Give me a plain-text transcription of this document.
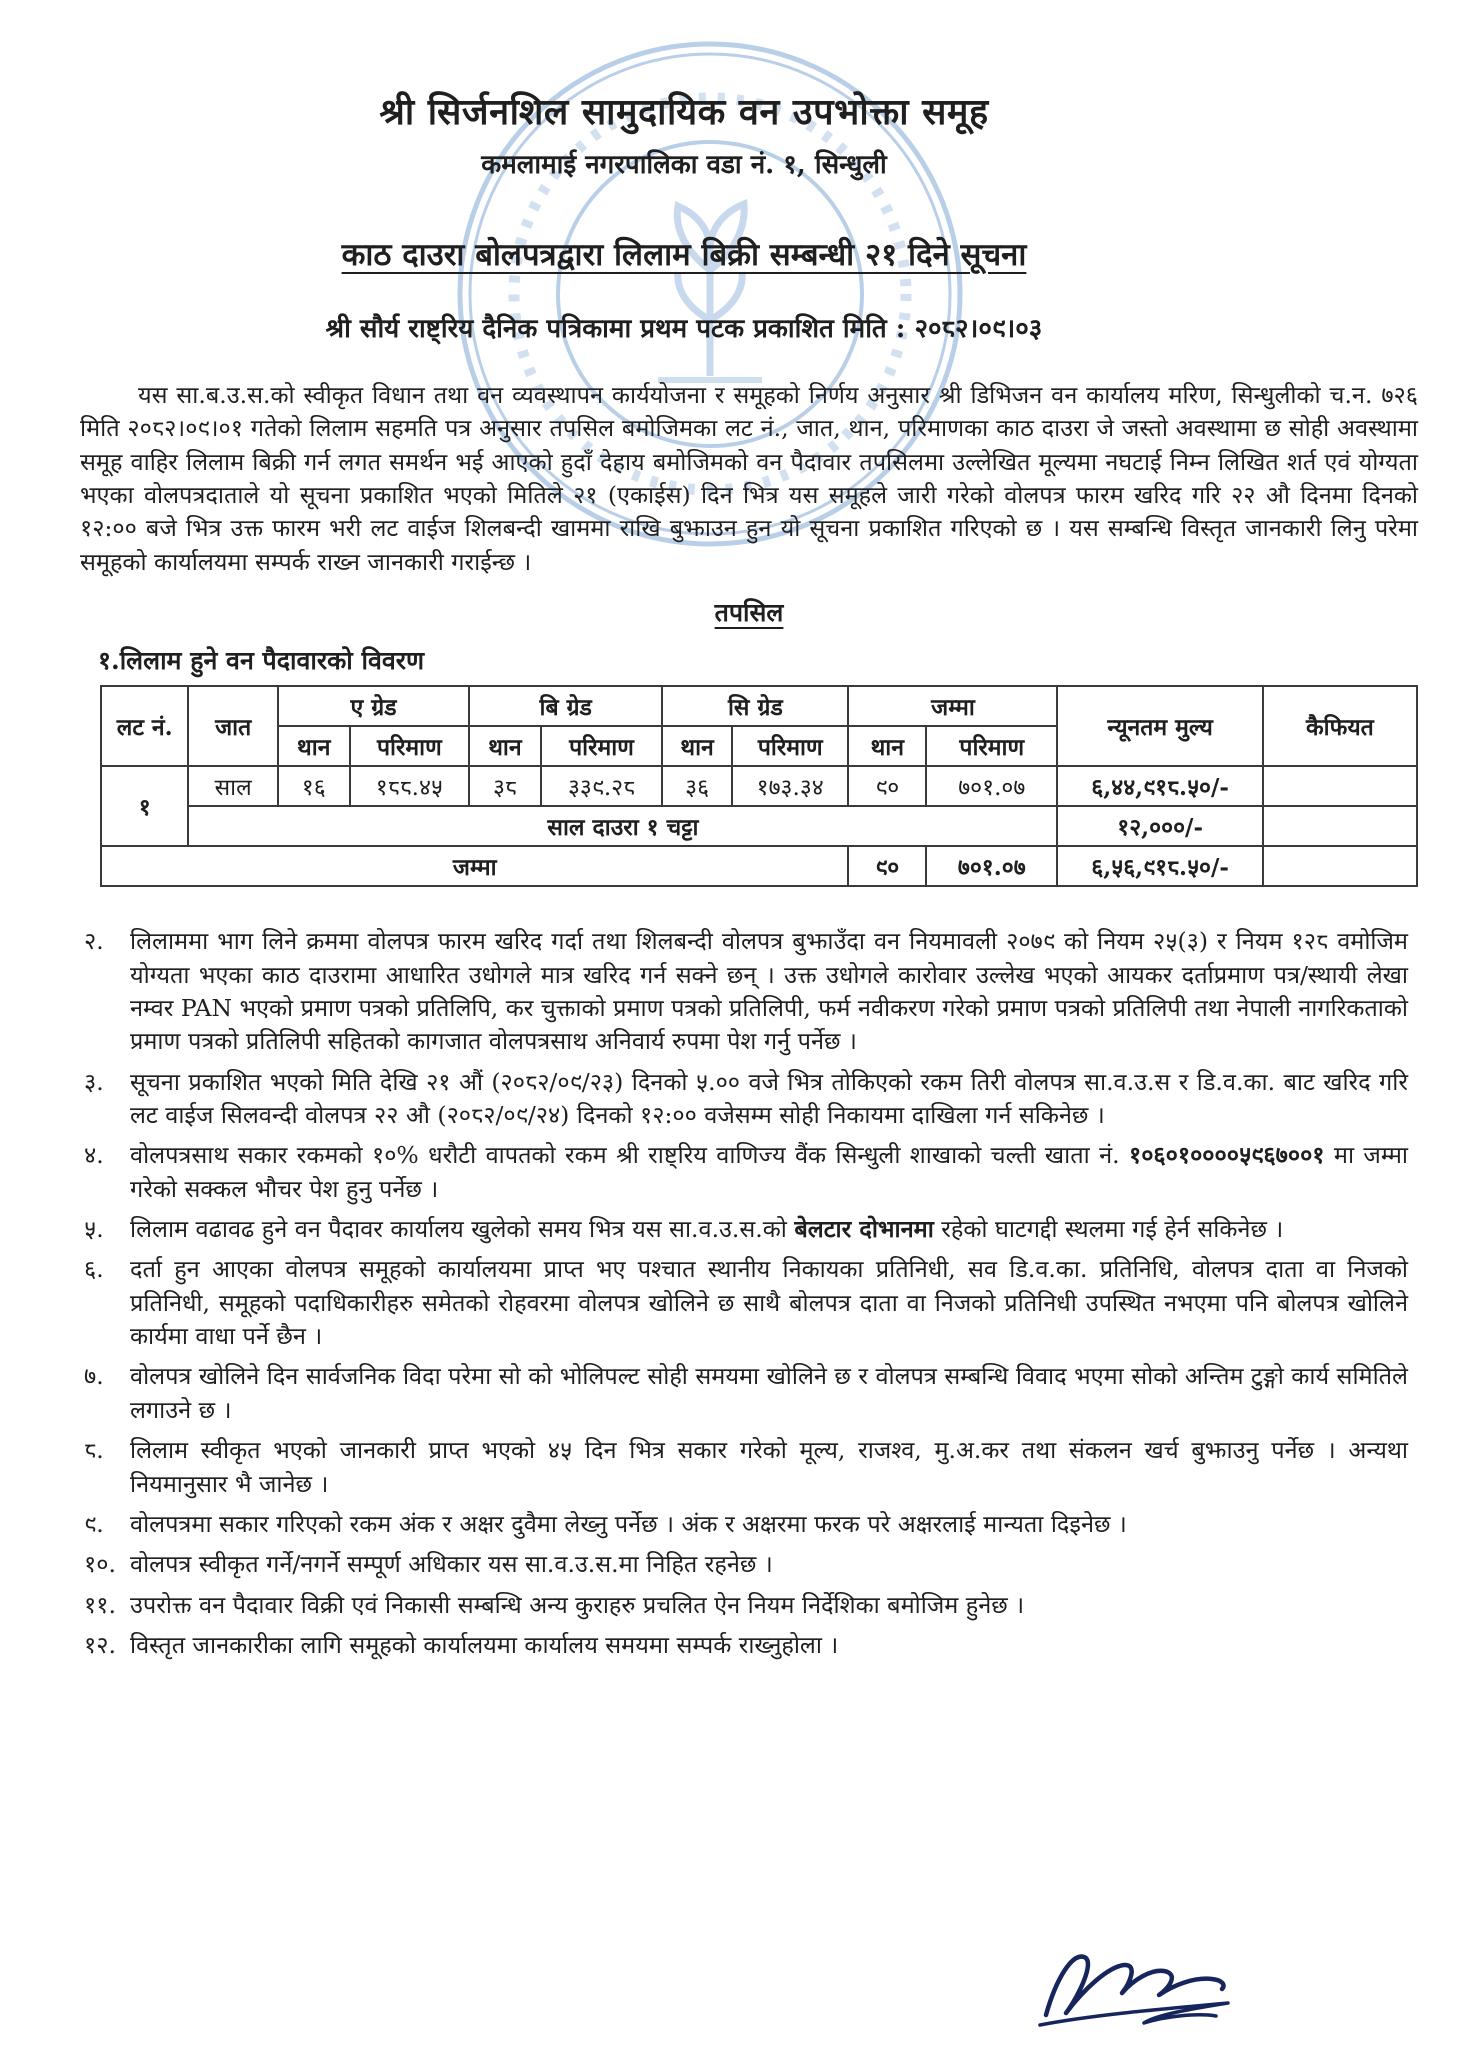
श्री सिर्जनशिल सामुदायिक वन उपभोक्ता समूह
कमलामाई नगरपालिका वडा नं. १, सिन्धुली
काठ दाउरा बोलपत्रद्वारा लिलाम बिक्री सम्बन्धी २१ दिने सूचना
श्री सौर्य राष्ट्रिय दैनिक पत्रिकामा प्रथम पटक प्रकाशित मिति : २०८२।०९।०३

यस सा.ब.उ.स.को स्वीकृत विधान तथा वन व्यवस्थापन कार्ययोजना र समूहको निर्णय अनुसार श्री डिभिजन वन कार्यालय मरिण, सिन्धुलीको च.न. ७२६ मिति २०८२।०९।०१ गतेको लिलाम सहमति पत्र अनुसार तपसिल बमोजिमका लट नं., जात, थान, परिमाणका काठ दाउरा जे जस्तो अवस्थामा छ सोही अवस्थामा समूह वाहिर लिलाम बिक्री गर्न लगत समर्थन भई आएको हुदाँ देहाय बमोजिमको वन पैदावार तपसिलमा उल्लेखित मूल्यमा नघटाई निम्न लिखित शर्त एवं योग्यता भएका वोलपत्रदाताले यो सूचना प्रकाशित भएको मितिले २१ (एकाईस) दिन भित्र यस समूहले जारी गरेको वोलपत्र फारम खरिद गरि २२ औ दिनमा दिनको १२:०० बजे भित्र उक्त फारम भरी लट वाईज शिलबन्दी खाममा राखि बुझाउन हुन यो सूचना प्रकाशित गरिएको छ । यस सम्बन्धि विस्तृत जानकारी लिनु परेमा समूहको कार्यालयमा सम्पर्क राख्न जानकारी गराईन्छ ।

तपसिल
१.लिलाम हुने वन पैदावारको विवरण
लट नं.	जात	ए ग्रेड		बि ग्रेड		सि ग्रेड		जम्मा		न्यूनतम मुल्य	कैफियत
		थान	परिमाण	थान	परिमाण	थान	परिमाण	थान	परिमाण		
१	साल	१६	१८८.४५	३८	३३९.२८	३६	१७३.३४	९०	७०१.०७	६,४४,९१८.५०/-	
	साल दाउरा १ चट्टा									१२,०००/-	
जम्मा								९०	७०१.०७	६,५६,९१८.५०/-	
२.	लिलाममा भाग लिने क्रममा वोलपत्र फारम खरिद गर्दा तथा शिलबन्दी वोलपत्र बुझाउँदा वन नियमावली २०७९ को नियम २५(३) र नियम १२८ वमोजिम योग्यता भएका काठ दाउरामा आधारित उधोगले मात्र खरिद गर्न सक्ने छन् । उक्त उधोगले कारोवार उल्लेख भएको आयकर दर्ताप्रमाण पत्र/स्थायी लेखा नम्वर PAN भएको प्रमाण पत्रको प्रतिलिपि, कर चुक्ताको प्रमाण पत्रको प्रतिलिपी, फर्म नवीकरण गरेको प्रमाण पत्रको प्रतिलिपी तथा नेपाली नागरिकताको प्रमाण पत्रको प्रतिलिपी सहितको कागजात वोलपत्रसाथ अनिवार्य रुपमा पेश गर्नु पर्नेछ ।
३.	सूचना प्रकाशित भएको मिति देखि २१ औं (२०८२/०९/२३) दिनको ५.०० वजे भित्र तोकिएको रकम तिरी वोलपत्र सा.व.उ.स र डि.व.का. बाट खरिद गरि लट वाईज सिलवन्दी वोलपत्र २२ औ (२०८२/०९/२४) दिनको १२:०० वजेसम्म सोही निकायमा दाखिला गर्न सकिनेछ ।
४.	वोलपत्रसाथ सकार रकमको १०% धरौटी वापतको रकम श्री राष्ट्रिय वाणिज्य वैंक सिन्धुली शाखाको चल्ती खाता नं. १०६०१००००५९६७००१ मा जम्मा गरेको सक्कल भौचर पेश हुनु पर्नेछ ।
५.	लिलाम वढावढ हुने वन पैदावर कार्यालय खुलेको समय भित्र यस सा.व.उ.स.को बेलटार दोभानमा रहेको घाटगद्दी स्थलमा गई हेर्न सकिनेछ ।
६.	दर्ता हुन आएका वोलपत्र समूहको कार्यालयमा प्राप्त भए पश्चात स्थानीय निकायका प्रतिनिधी, सव डि.व.का. प्रतिनिधि, वोलपत्र दाता वा निजको प्रतिनिधी, समूहको पदाधिकारीहरु समेतको रोहवरमा वोलपत्र खोलिने छ साथै बोलपत्र दाता वा निजको प्रतिनिधी उपस्थित नभएमा पनि बोलपत्र खोलिने कार्यमा वाधा पर्ने छैन ।
७.	वोलपत्र खोलिने दिन सार्वजनिक विदा परेमा सो को भोलिपल्ट सोही समयमा खोलिने छ र वोलपत्र सम्बन्धि विवाद भएमा सोको अन्तिम टुङ्गो कार्य समितिले लगाउने छ ।
८.	लिलाम स्वीकृत भएको जानकारी प्राप्त भएको ४५ दिन भित्र सकार गरेको मूल्य, राजश्व, मु.अ.कर तथा संकलन खर्च बुझाउनु पर्नेछ । अन्यथा नियमानुसार भै जानेछ ।
९.	वोलपत्रमा सकार गरिएको रकम अंक र अक्षर दुवैमा लेख्नु पर्नेछ । अंक र अक्षरमा फरक परे अक्षरलाई मान्यता दिइनेछ ।
१०. वोलपत्र स्वीकृत गर्ने/नगर्ने सम्पूर्ण अधिकार यस सा.व.उ.स.मा निहित रहनेछ ।
११. उपरोक्त वन पैदावार विक्री एवं निकासी सम्बन्धि अन्य कुराहरु प्रचलित ऐन नियम निर्देशिका बमोजिम हुनेछ ।
१२. विस्तृत जानकारीका लागि समूहको कार्यालयमा कार्यालय समयमा सम्पर्क राख्नुहोला ।
